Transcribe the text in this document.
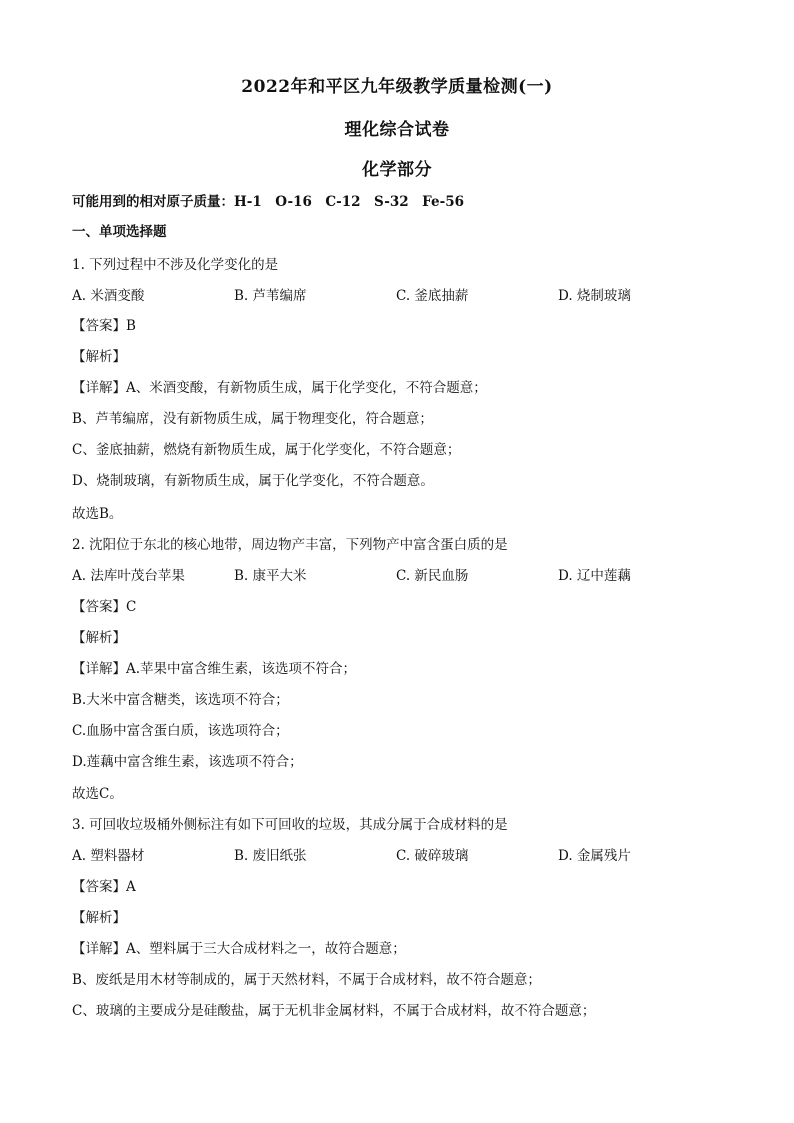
2022年和平区九年级教学质量检测(一)
理化综合试卷
化学部分
可能用到的相对原子质量：H-1　O-16　C-12　S-32　Fe-56
一、单项选择题
1. 下列过程中不涉及化学变化的是
A. 米酒变酸	B. 芦苇编席	C. 釜底抽薪	D. 烧制玻璃
【答案】B
【解析】
【详解】A、米酒变酸，有新物质生成，属于化学变化，不符合题意；
B、芦苇编席，没有新物质生成，属于物理变化，符合题意；
C、釜底抽薪，燃烧有新物质生成，属于化学变化，不符合题意；
D、烧制玻璃，有新物质生成，属于化学变化，不符合题意。
故选B。
2. 沈阳位于东北的核心地带，周边物产丰富，下列物产中富含蛋白质的是
A. 法库叶茂台苹果	B. 康平大米	C. 新民血肠	D. 辽中莲藕
【答案】C
【解析】
【详解】A.苹果中富含维生素，该选项不符合；
B.大米中富含糖类，该选项不符合；
C.血肠中富含蛋白质，该选项符合；
D.莲藕中富含维生素，该选项不符合；
故选C。
3. 可回收垃圾桶外侧标注有如下可回收的垃圾，其成分属于合成材料的是
A. 塑料器材	B. 废旧纸张	C. 破碎玻璃	D. 金属残片
【答案】A
【解析】
【详解】A、塑料属于三大合成材料之一，故符合题意；
B、废纸是用木材等制成的，属于天然材料，不属于合成材料，故不符合题意；
C、玻璃的主要成分是硅酸盐，属于无机非金属材料，不属于合成材料，故不符合题意；
